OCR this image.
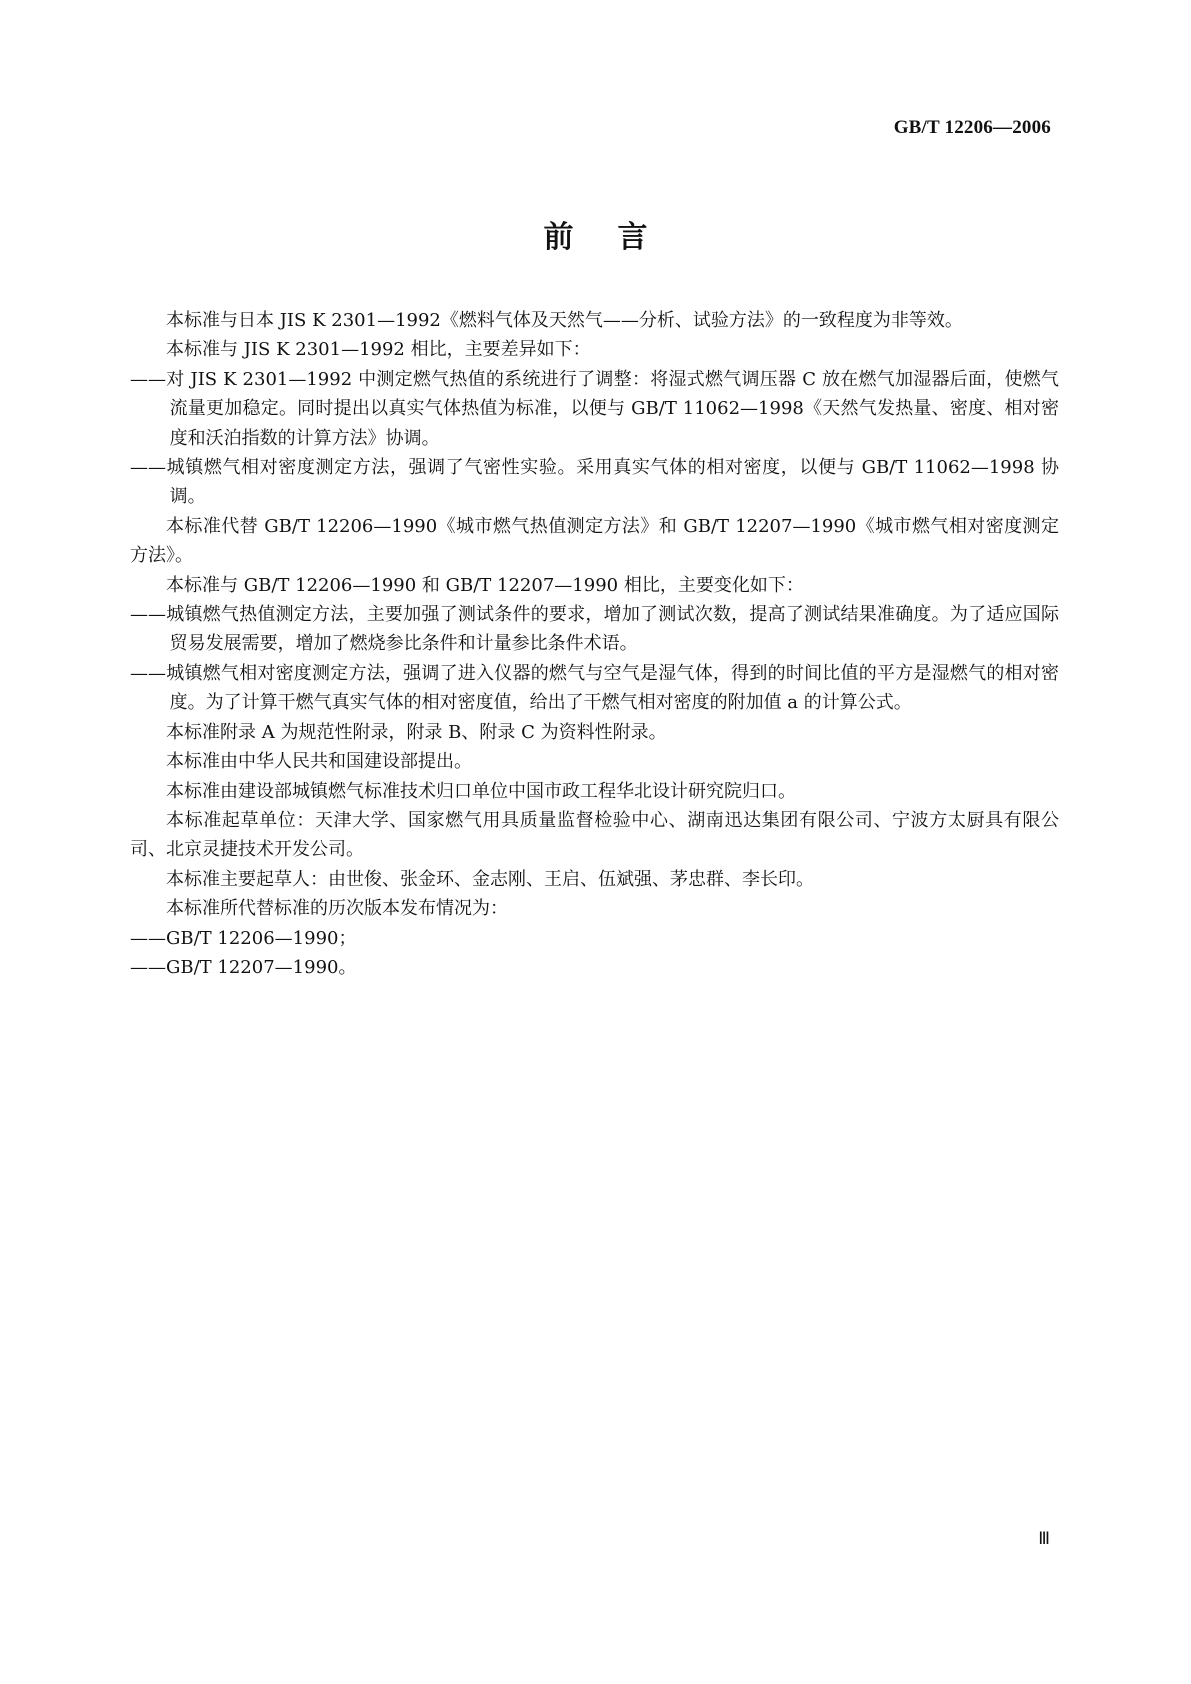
GB/T 12206—2006
前言

本标准与日本 JIS K 2301—1992《燃料气体及天然气——分析、试验方法》的一致程度为非等效。

本标准与 JIS K 2301—1992 相比，主要差异如下：

——对 JIS K 2301—1992 中测定燃气热值的系统进行了调整：将湿式燃气调压器 C 放在燃气加湿器后面，使燃气流量更加稳定。同时提出以真实气体热值为标准，以便与 GB/T 11062—1998《天然气发热量、密度、相对密度和沃泊指数的计算方法》协调。

——城镇燃气相对密度测定方法，强调了气密性实验。采用真实气体的相对密度，以便与 GB/T 11062—1998 协调。

本标准代替 GB/T 12206—1990《城市燃气热值测定方法》和 GB/T 12207—1990《城市燃气相对密度测定方法》。

本标准与 GB/T 12206—1990 和 GB/T 12207—1990 相比，主要变化如下：

——城镇燃气热值测定方法，主要加强了测试条件的要求，增加了测试次数，提高了测试结果准确度。为了适应国际贸易发展需要，增加了燃烧参比条件和计量参比条件术语。

——城镇燃气相对密度测定方法，强调了进入仪器的燃气与空气是湿气体，得到的时间比值的平方是湿燃气的相对密度。为了计算干燃气真实气体的相对密度值，给出了干燃气相对密度的附加值 a 的计算公式。

本标准附录 A 为规范性附录，附录 B、附录 C 为资料性附录。

本标准由中华人民共和国建设部提出。

本标准由建设部城镇燃气标准技术归口单位中国市政工程华北设计研究院归口。

本标准起草单位：天津大学、国家燃气用具质量监督检验中心、湖南迅达集团有限公司、宁波方太厨具有限公司、北京灵捷技术开发公司。

本标准主要起草人：由世俊、张金环、金志刚、王启、伍斌强、茅忠群、李长印。

本标准所代替标准的历次版本发布情况为：

——GB/T 12206—1990；

——GB/T 12207—1990。

Ⅲ
